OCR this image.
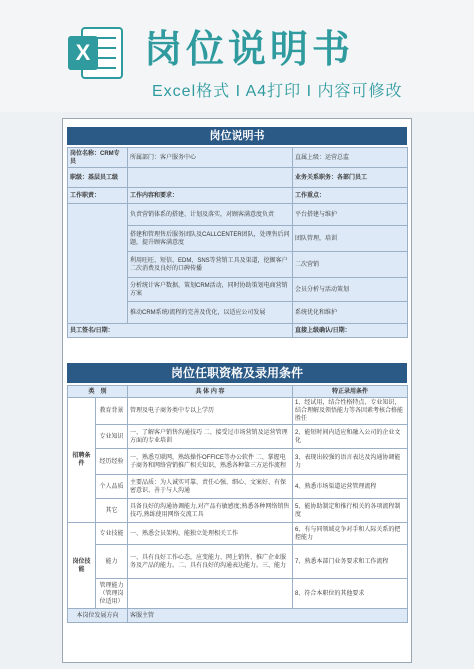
X 岗位说明书
Excel格式 I A4打印 I 内容可修改
岗位说明书
岗位名称：CRM专员	所属部门：客户服务中心	直属上级：运营总监
职级：基层员工级		业务关系职务：各部门员工
工作职责：	工作内容和要求：	工作重点：
	负责营销体系的搭建、计划及落实，对顾客满意度负责	平台搭建与维护
	搭建和管理售后服务团队及CALLCENTER团队，处理售后问题，提升顾客满意度	团队管理，培训
	利用旺旺、短信、EDM、SNS等营销工具及渠道，挖掘客户二次消费及良好的口碑传播	二次营销
	分析统计客户数据，策划CRM活动，同时协助策划电商营销方案	会员分析与活动策划
	推动CRM系统/流程的完善及优化，以适应公司发展	系统优化和维护
员工签名/日期：		直接上级确认/日期：
岗位任职资格及录用条件
类　别		具 体 内 容	特正录用条件
招聘条件	教育背景	管理及电子商务类中专以上学历	1、经试用，结合性格特点、专业知识，结合理解及领悟能力等各因素考核合格能胜任
	专业知识	一、了解客户销售沟通技巧 二、接受过市场营销及运营管理方面的专业培训	2、能短时间内适应和融入公司的企业文化
	经历经验	一、熟悉互联网，熟练操作OFFICE等办公软件 二、掌握电子商务和网络营销推广相关知识，熟悉各种第三方运作流程	3、表现出较强的语言表达及沟通协调能力
	个人品质	主要品质：为人诚实可靠、责任心强、细心、文案好、有保密意识、善于与人沟通	4、熟悉市场渠道运营管理流程
	其它	具备良好的沟通协调能力,对产品有敏感度;熟悉各种网络销售技巧,熟练使用网络交流工具	5、能协助制定和推行相关的各项流程制度
岗位技能	专业技能	一、熟悉会员架构，能独立处理相关工作	6、有与同领域竞争对手和人际关系的把控能力
	能力	一、具有良好工作心态，应变能力、网上销售、推广企业服务及产品的能力。二、具有良好的沟通表达能力。三、能力	7、熟悉本部门业务要求和工作流程
	管理能力（管理岗位适用）		8、符合本职位的其他要求
本岗位发展方向		客服主管	
